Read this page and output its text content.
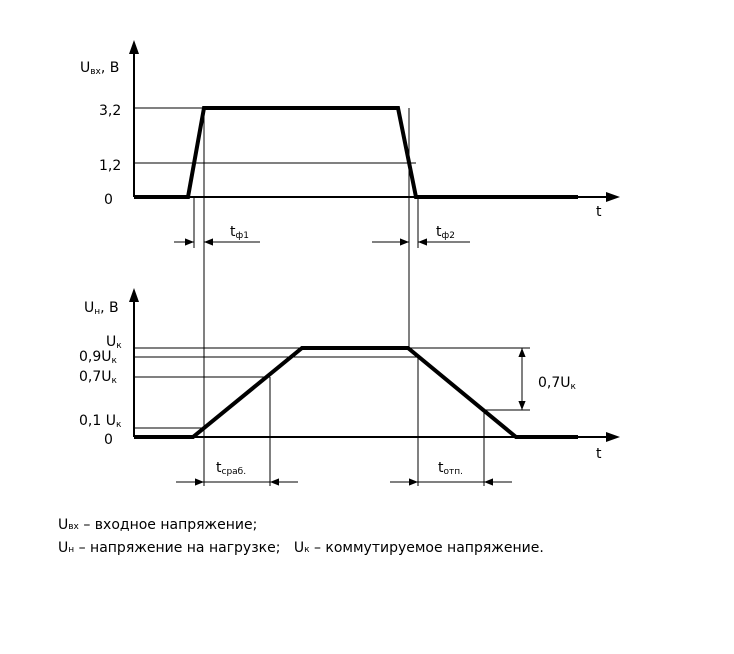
Uвх, В
t
3,2
1,2
0
tф1	tф2
Uн, В
t
Uк
0,9Uк
0,7Uк
0,1 Uк
0
0,7Uк
tсраб.	tотп.
Uвх – входное напряжение;
Uн – напряжение на нагрузке; Uк – коммутируемое напряжение.
